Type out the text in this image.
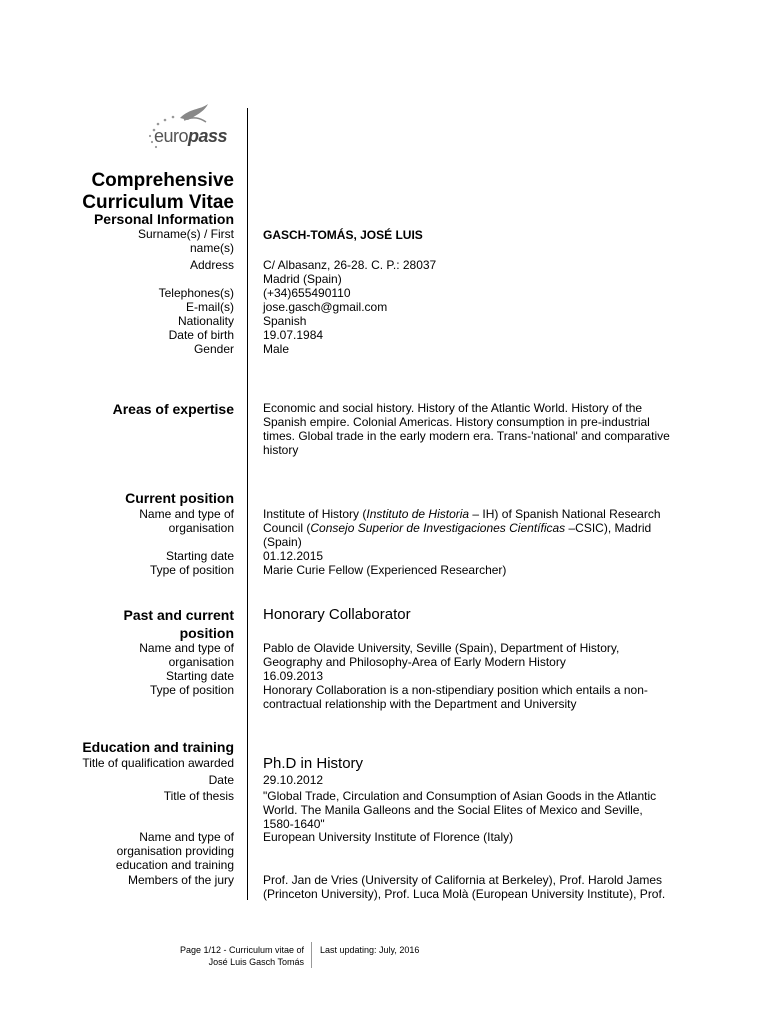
europass
Comprehensive
Curriculum Vitae
Personal Information
Surname(s) / First
name(s)
GASCH-TOMÁS, JOSÉ LUIS
Address C/ Albasanz, 26-28. C. P.: 28037
Madrid (Spain)
Telephones(s) (+34)655490110
E-mail(s) jose.gasch@gmail.com
Nationality Spanish
Date of birth 19.07.1984
Gender Male
Areas of expertise Economic and social history. History of the Atlantic World. History of the
Spanish empire. Colonial Americas. History consumption in pre-industrial
times. Global trade in the early modern era. Trans-'national' and comparative
history
Current position
Name and type of
organisation
Institute of History (Instituto de Historia – IH) of Spanish National Research
Council (Consejo Superior de Investigaciones Científicas –CSIC), Madrid
(Spain)
Starting date 01.12.2015
Type of position Marie Curie Fellow (Experienced Researcher)
Past and current
position
Honorary Collaborator
Name and type of
organisation
Pablo de Olavide University, Seville (Spain), Department of History,
Geography and Philosophy-Area of Early Modern History
Starting date 16.09.2013
Type of position Honorary Collaboration is a non-stipendiary position which entails a non-
contractual relationship with the Department and University
Education and training
Title of qualification awarded Ph.D in History
Date 29.10.2012
Title of thesis "Global Trade, Circulation and Consumption of Asian Goods in the Atlantic
World. The Manila Galleons and the Social Elites of Mexico and Seville,
1580-1640"
Name and type of
organisation providing
education and training
European University Institute of Florence (Italy)
Members of the jury Prof. Jan de Vries (University of California at Berkeley), Prof. Harold James
(Princeton University), Prof. Luca Molà (European University Institute), Prof.
Page 1/12 - Curriculum vitae of
José Luis Gasch Tomás
Last updating: July, 2016
